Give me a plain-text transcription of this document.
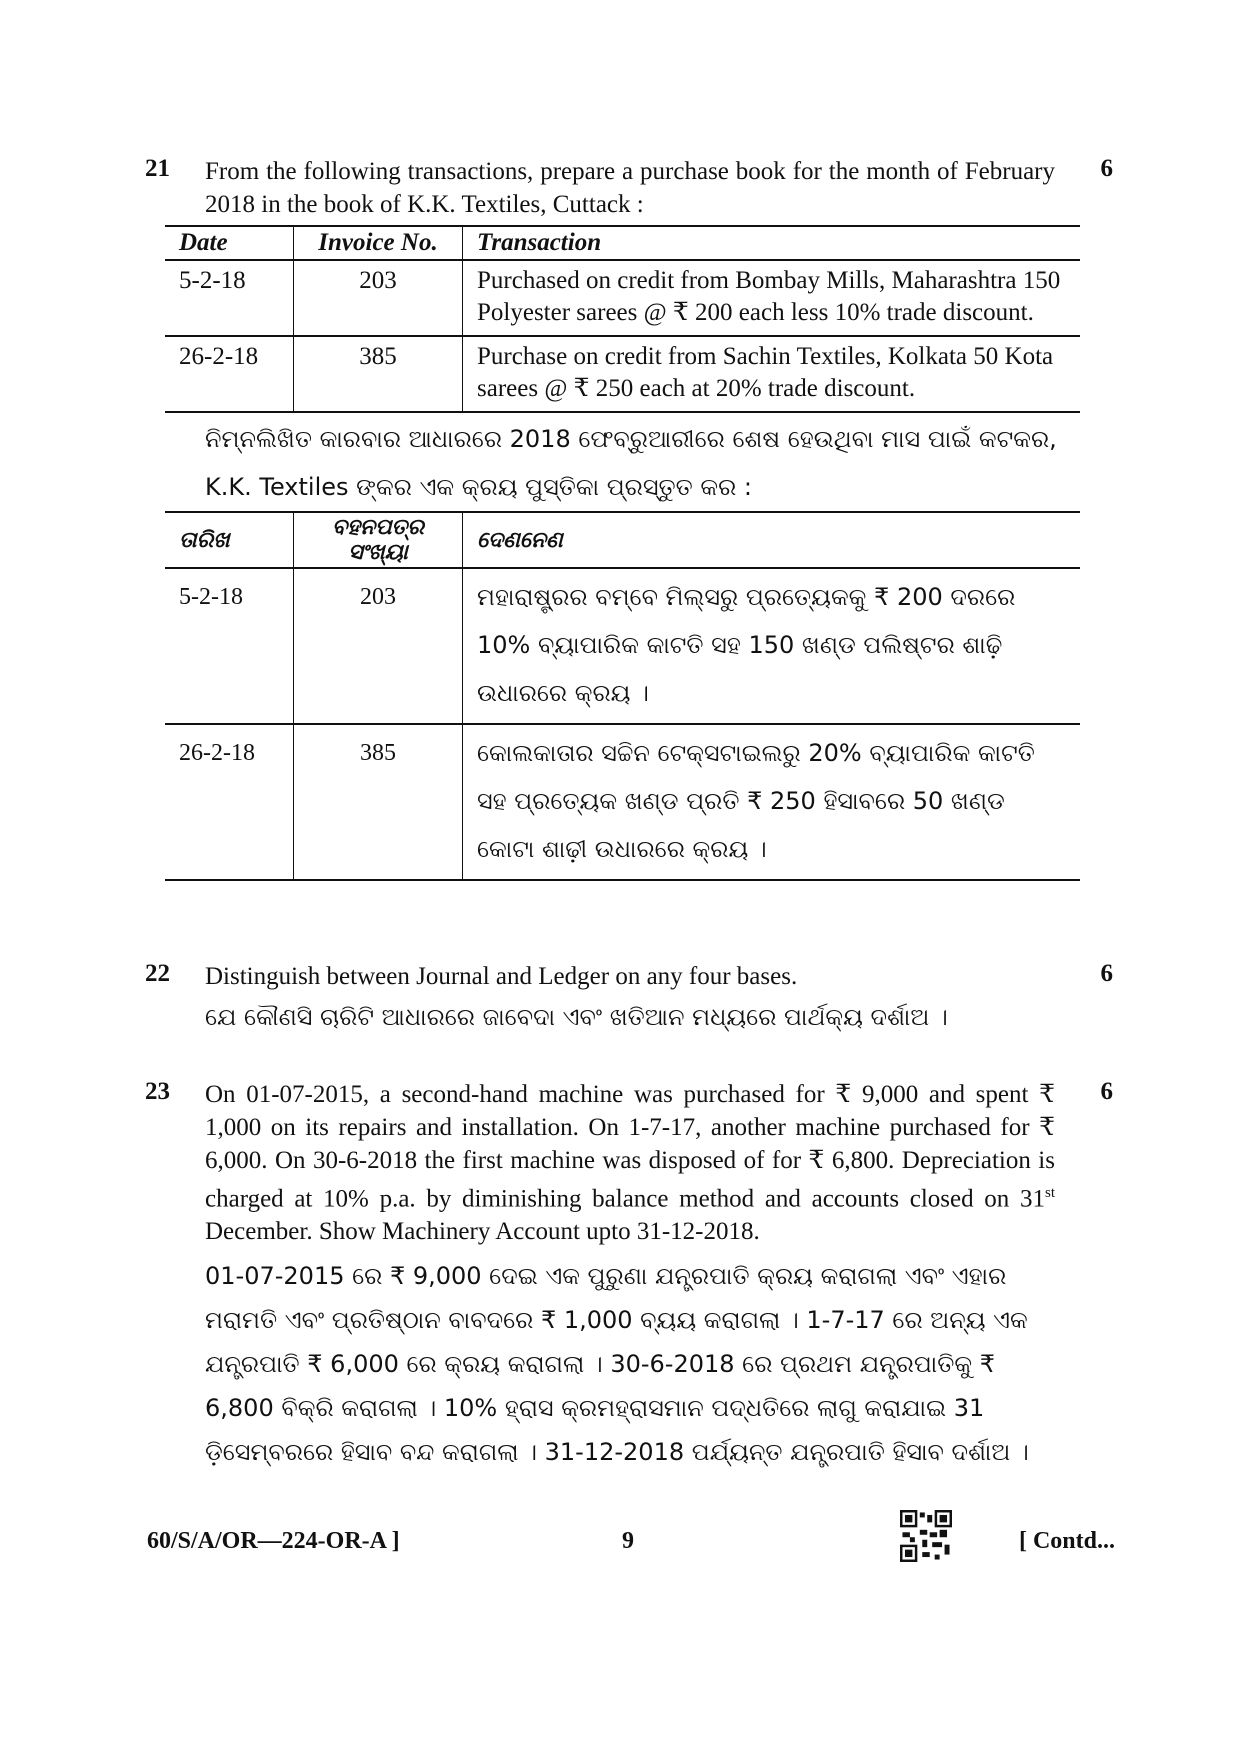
21	6
From the following transactions, prepare a purchase book for the month of February 2018 in the book of K.K. Textiles, Cuttack :
Date	Invoice No.	Transaction
5-2-18	203	Purchased on credit from Bombay Mills, Maharashtra 150 Polyester sarees @ ₹ 200 each less 10% trade discount.
26-2-18	385	Purchase on credit from Sachin Textiles, Kolkata 50 Kota sarees @ ₹ 250 each at 20% trade discount.
ନିମ୍ନଲିଖିତ କାରବାର ଆଧାରରେ 2018 ଫେବ୍ରୁଆରୀରେ ଶେଷ ହେଉଥିବା ମାସ ପାଇଁ କଟକର, K.K. Textiles ଙ୍କର ଏକ କ୍ରୟ ପୁସ୍ତିକା ପ୍ରସ୍ତୁତ କର :
ତାରିଖ	ବହନପତ୍ର ସଂଖ୍ୟା	ଦେଣନେଣ
5-2-18	203	ମହାରାଷ୍ଟ୍ରର ବମ୍ବେ ମିଲ୍‌ସରୁ ପ୍ରତ୍ୟେକକୁ ₹ 200 ଦରରେ 10% ବ୍ୟାପାରିକ କାଟତି ସହ 150 ଖଣ୍ଡ ପଲିଷ୍ଟର ଶାଢ଼ି ଉଧାରରେ କ୍ରୟ ।
26-2-18	385	କୋଲକାତାର ସଚ୍ଚିନ ଟେକ୍‌ସଟାଇଲରୁ 20% ବ୍ୟାପାରିକ କାଟତି ସହ ପ୍ରତ୍ୟେକ ଖଣ୍ଡ ପ୍ରତି ₹ 250 ହିସାବରେ 50 ଖଣ୍ଡ କୋଟା ଶାଢ଼ୀ ଉଧାରରେ କ୍ରୟ ।
22	6
Distinguish between Journal and Ledger on any four bases.
ଯେ କୌଣସି ଚାରିଟି ଆଧାରରେ ଜାବେଦା ଏବଂ ଖତିଆନ ମଧ୍ୟରେ ପାର୍ଥକ୍ୟ ଦର୍ଶାଅ ।
23	6
On 01-07-2015, a second-hand machine was purchased for ₹ 9,000 and spent ₹ 1,000 on its repairs and installation. On 1-7-17, another machine purchased for ₹ 6,000. On 30-6-2018 the first machine was disposed of for ₹ 6,800. Depreciation is charged at 10% p.a. by diminishing balance method and accounts closed on 31st December. Show Machinery Account upto 31-12-2018.
01-07-2015 ରେ ₹ 9,000 ଦେଇ ଏକ ପୁରୁଣା ଯନ୍ତ୍ରପାତି କ୍ରୟ କରାଗଲା ଏବଂ ଏହାର ମରାମତି ଏବଂ ପ୍ରତିଷ୍ଠାନ ବାବଦରେ ₹ 1,000 ବ୍ୟୟ କରାଗଲା । 1-7-17 ରେ ଅନ୍ୟ ଏକ ଯନ୍ତ୍ରପାତି ₹ 6,000 ରେ କ୍ରୟ କରାଗଲା । 30-6-2018 ରେ ପ୍ରଥମ ଯନ୍ତ୍ରପାତିକୁ ₹ 6,800 ବିକ୍ରି କରାଗଲା । 10% ହ୍ରାସ କ୍ରମହ୍ରାସମାନ ପଦ୍ଧତିରେ ଲାଗୁ କରାଯାଇ 31 ଡ଼ିସେମ୍ବରରେ ହିସାବ ବନ୍ଦ କରାଗଲା । 31-12-2018 ପର୍ଯ୍ୟନ୍ତ ଯନ୍ତ୍ରପାତି ହିସାବ ଦର୍ଶାଅ ।
60/S/A/OR—224-OR-A ]	9	[ Contd...
